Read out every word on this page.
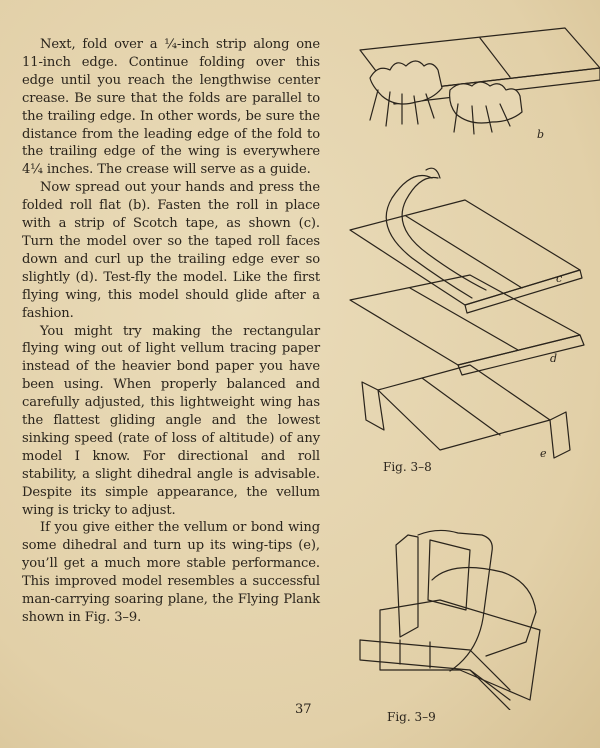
Next, fold over a ¼-inch strip along one 11-inch edge. Continue folding over this edge until you reach the lengthwise center crease. Be sure that the folds are parallel to the trailing edge. In other words, be sure the distance from the leading edge of the fold to the trailing edge of the wing is everywhere 4¼ inches. The crease will serve as a guide.

Now spread out your hands and press the folded roll flat (b). Fasten the roll in place with a strip of Scotch tape, as shown (c). Turn the model over so the taped roll faces down and curl up the trailing edge ever so slightly (d). Test-fly the model. Like the first flying wing, this model should glide after a fashion.

You might try making the rectangular flying wing out of light vellum tracing paper instead of the heavier bond paper you have been using. When properly balanced and carefully adjusted, this lightweight wing has the flattest gliding angle and the lowest sinking speed (rate of loss of altitude) of any model I know. For directional and roll stability, a slight dihedral angle is advisable. Despite its simple appearance, the vellum wing is tricky to adjust.

If you give either the vellum or bond wing some dihedral and turn up its wing-tips (e), you’ll get a much more stable performance. This improved model resembles a successful man-carrying soaring plane, the Flying Plank shown in Fig. 3–9.

b
c
d
e
Fig. 3–8
Fig. 3–9
37
